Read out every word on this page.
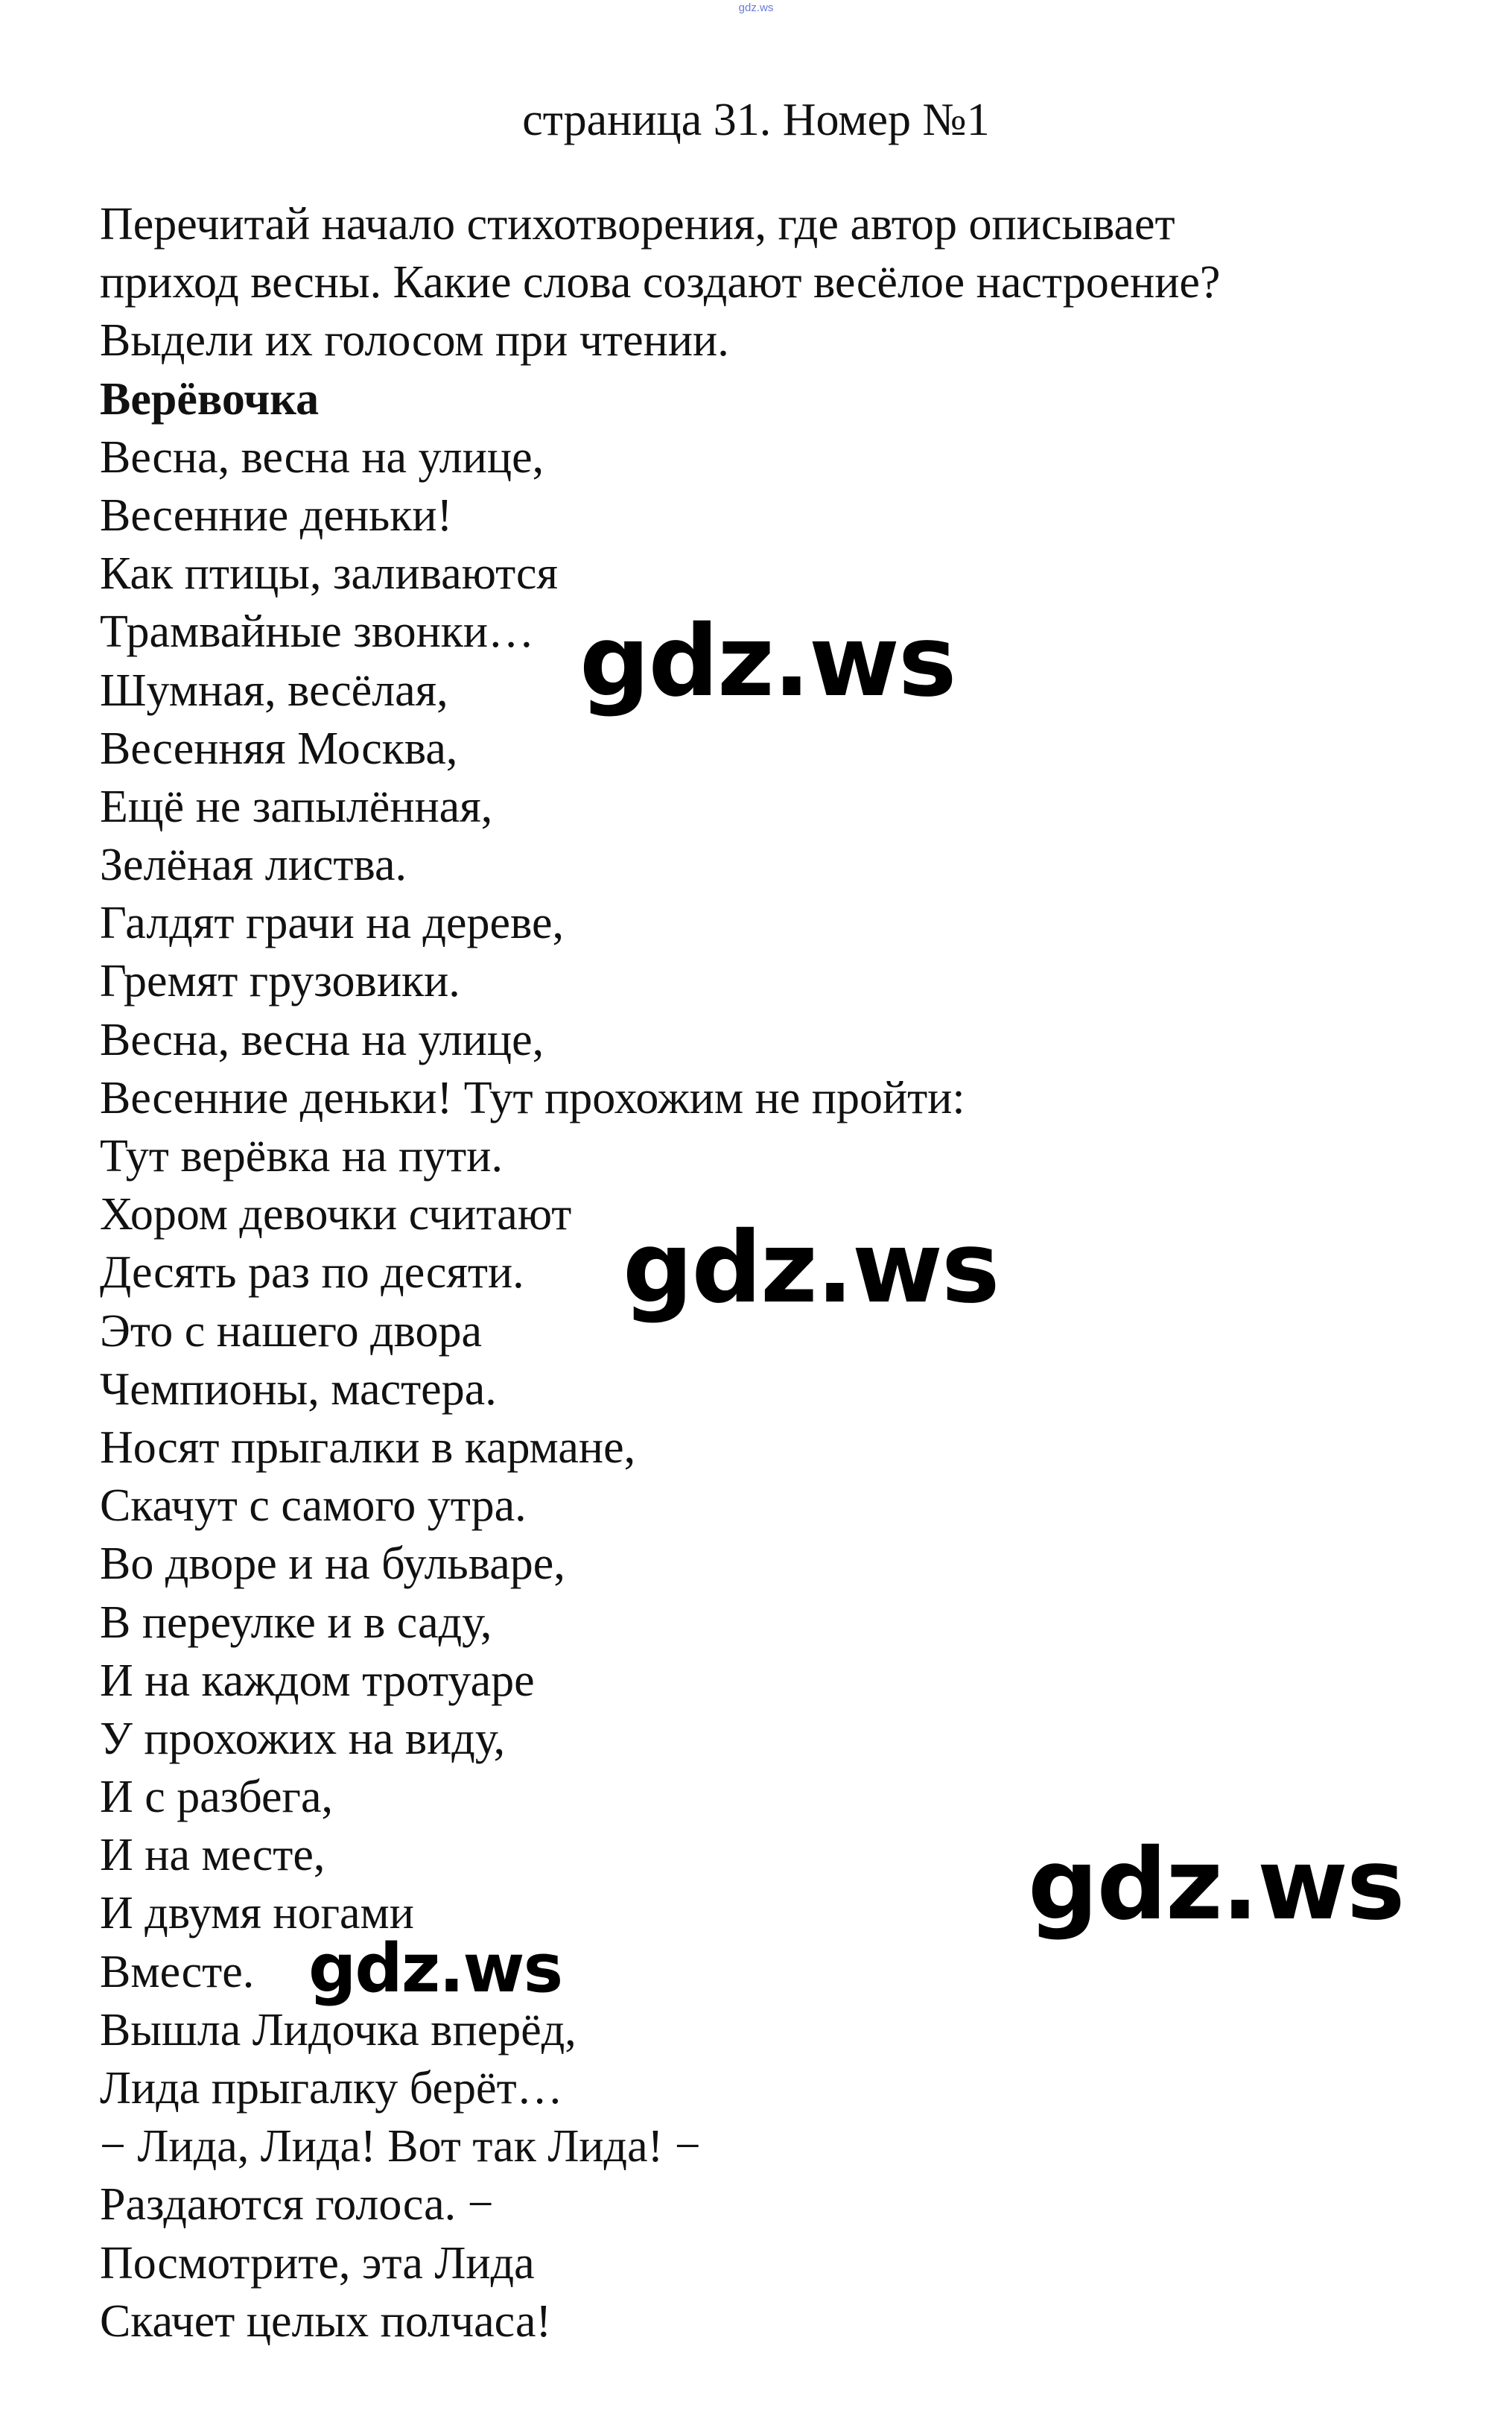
gdz.ws
страница 31. Номер №1
Перечитай начало стихотворения, где автор описывает
приход весны. Какие слова создают весёлое настроение?
Выдели их голосом при чтении.
Верёвочка
Весна, весна на улице,
Весенние деньки!
Как птицы, заливаются
Трамвайные звонки…
Шумная, весёлая,
Весенняя Москва,
Ещё не запылённая,
Зелёная листва.
Галдят грачи на дереве,
Гремят грузовики.
Весна, весна на улице,
Весенние деньки! Тут прохожим не пройти:
Тут верёвка на пути.
Хором девочки считают
Десять раз по десяти.
Это с нашего двора
Чемпионы, мастера.
Носят прыгалки в кармане,
Скачут с самого утра.
Во дворе и на бульваре,
В переулке и в саду,
И на каждом тротуаре
У прохожих на виду,
И с разбега,
И на месте,
И двумя ногами
Вместе.
Вышла Лидочка вперёд,
Лида прыгалку берёт…
− Лида, Лида! Вот так Лида! −
Раздаются голоса. −
Посмотрите, эта Лида
Скачет целых полчаса!
gdz.ws
gdz.ws
gdz.ws
gdz.ws
